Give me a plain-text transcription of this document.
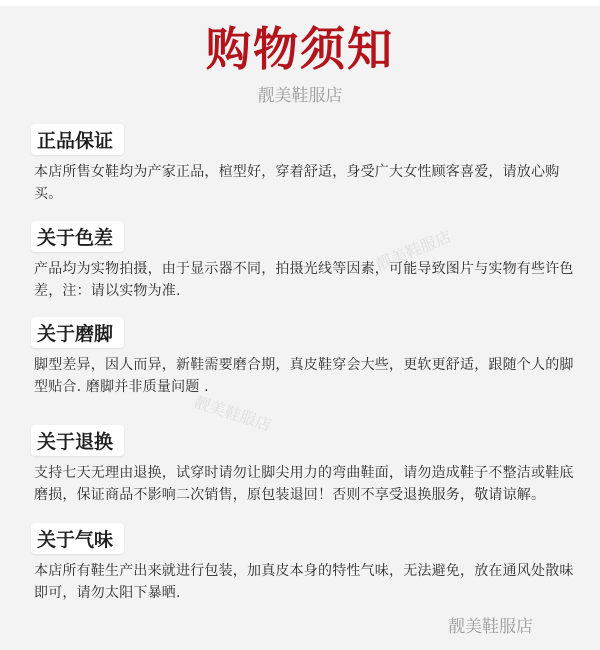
购物须知
靓美鞋服店
正品保证
本店所售女鞋均为产家正品，楦型好，穿着舒适，身受广大女性顾客喜爱，请放心购买。
关于色差
产品均为实物拍摄，由于显示器不同，拍摄光线等因素，可能导致图片与实物有些许色差，注：请以实物为准.
关于磨脚
脚型差异，因人而异，新鞋需要磨合期，真皮鞋穿会大些，更软更舒适，跟随个人的脚型贴合. 磨脚并非质量问题 .
关于退换
支持七天无理由退换，试穿时请勿让脚尖用力的弯曲鞋面，请勿造成鞋子不整洁或鞋底磨损，保证商品不影响二次销售，原包装退回！否则不享受退换服务，敬请谅解。
关于气味
本店所有鞋生产出来就进行包装，加真皮本身的特性气味，无法避免，放在通风处散味即可，请勿太阳下暴晒.
靓美鞋服店
靓美鞋服店
靓美鞋服店
